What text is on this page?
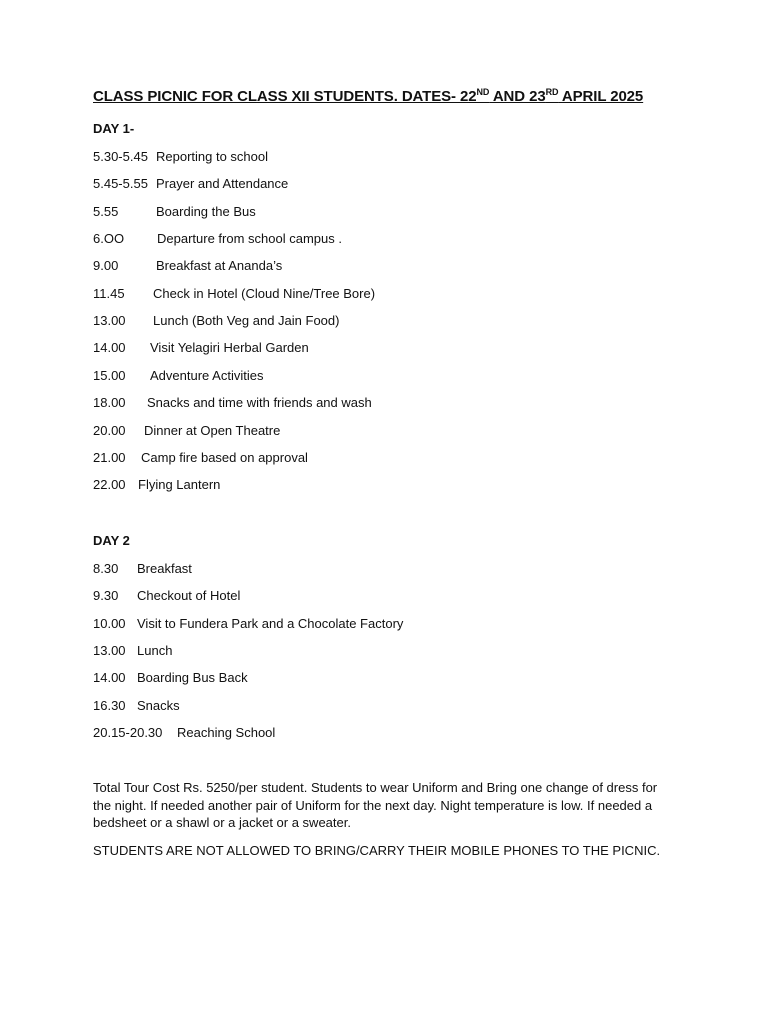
CLASS PICNIC FOR CLASS XII STUDENTS. DATES- 22ND AND 23RD APRIL 2025
DAY 1-
5.30-5.45 Reporting to school
5.45-5.55 Prayer and Attendance
5.55	Boarding the Bus
6.OO	Departure from school campus .
9.00	Breakfast at Ananda’s
11.45 Check in Hotel (Cloud Nine/Tree Bore)
13.00 Lunch (Both Veg and Jain Food)
14.00 Visit Yelagiri Herbal Garden
15.00 Adventure Activities
18.00 Snacks and time with friends and wash
20.00 Dinner at Open Theatre
21.00 Camp fire based on approval
22.00 Flying Lantern
DAY 2
8.30 Breakfast
9.30 Checkout of Hotel
10.00 Visit to Fundera Park and a Chocolate Factory
13.00 Lunch
14.00 Boarding Bus Back
16.30 Snacks
20.15-20.30 Reaching School
Total Tour Cost Rs. 5250/per student. Students to wear Uniform and Bring one change of dress for the night. If needed another pair of Uniform for the next day. Night temperature is low. If needed a bedsheet or a shawl or a jacket or a sweater.
STUDENTS ARE NOT ALLOWED TO BRING/CARRY THEIR MOBILE PHONES TO THE PICNIC.
